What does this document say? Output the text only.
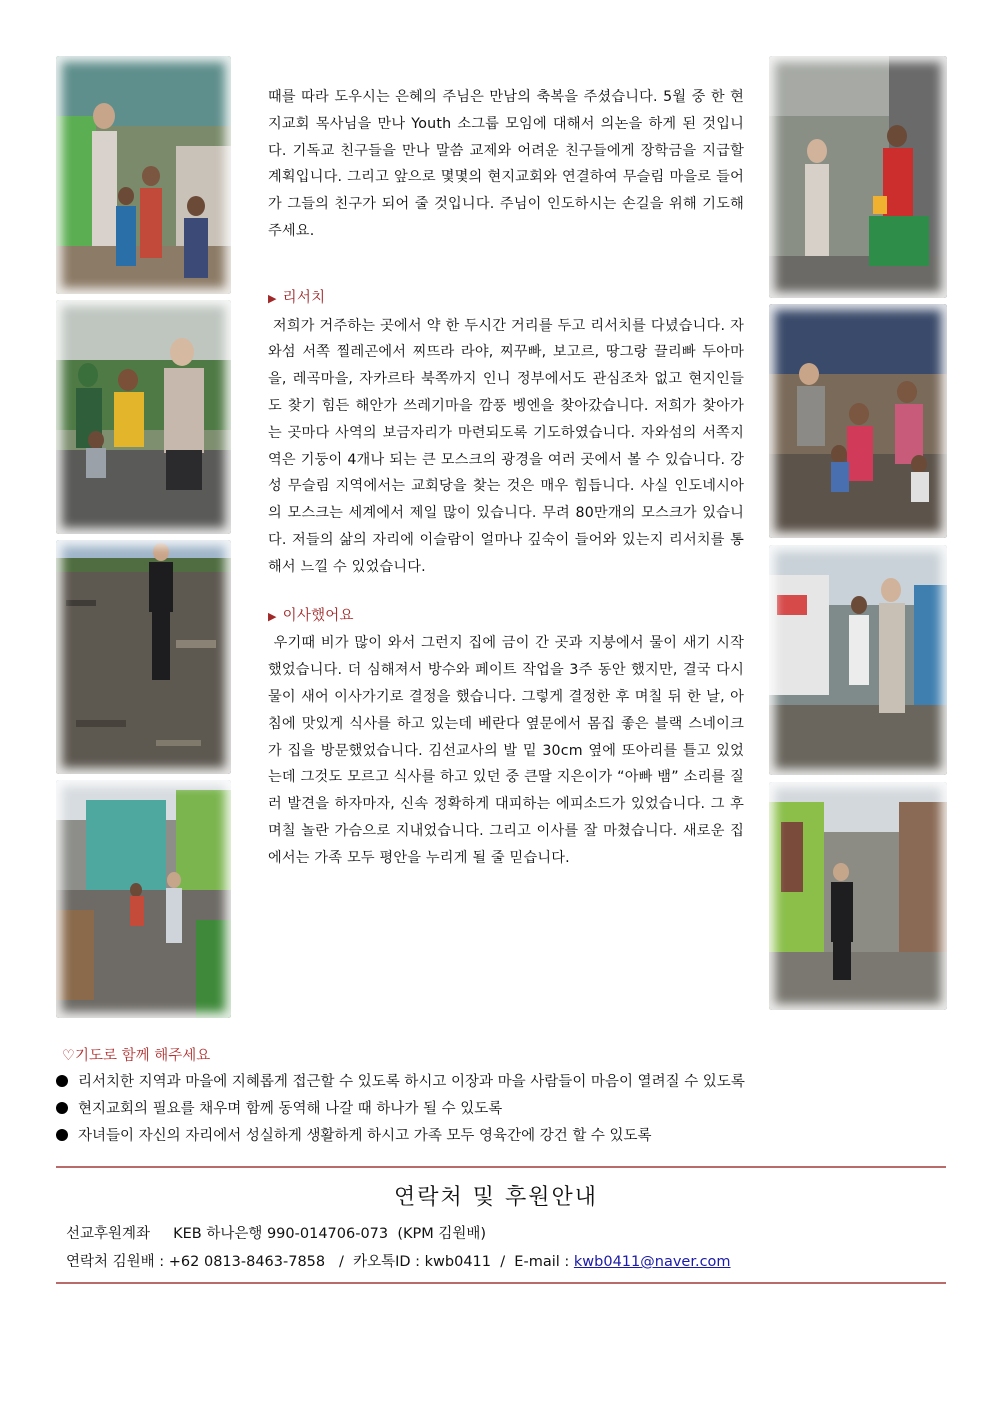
때를 따라 도우시는 은혜의 주님은 만남의 축복을 주셨습니다. 5월 중 한 현지교회 목사님을 만나 Youth 소그룹 모임에 대해서 의논을 하게 된 것입니다. 기독교 친구들을 만나 말씀 교제와 어려운 친구들에게 장학금을 지급할 계획입니다. 그리고 앞으로 몇몇의 현지교회와 연결하여 무슬림 마을로 들어가 그들의 친구가 되어 줄 것입니다. 주님이 인도하시는 손길을 위해 기도해주세요.

▶ 리서치

저희가 거주하는 곳에서 약 한 두시간 거리를 두고 리서치를 다녔습니다. 자와섬 서쪽 찔레곤에서 찌뜨라 라야, 찌꾸빠, 보고르, 땅그랑 끌리빠 두아마을, 레곡마을, 자카르타 북쪽까지 인니 정부에서도 관심조차 없고 현지인들도 찾기 힘든 해안가 쓰레기마을 깜풍 벵엔을 찾아갔습니다. 저희가 찾아가는 곳마다 사역의 보금자리가 마련되도록 기도하였습니다. 자와섬의 서쪽지역은 기둥이 4개나 되는 큰 모스크의 광경을 여러 곳에서 볼 수 있습니다. 강성 무슬림 지역에서는 교회당을 찾는 것은 매우 힘듭니다. 사실 인도네시아의 모스크는 세계에서 제일 많이 있습니다. 무려 80만개의 모스크가 있습니다. 저들의 삶의 자리에 이슬람이 얼마나 깊숙이 들어와 있는지 리서치를 통해서 느낄 수 있었습니다.

▶ 이사했어요

우기때 비가 많이 와서 그런지 집에 금이 간 곳과 지붕에서 물이 새기 시작했었습니다. 더 심해져서 방수와 페이트 작업을 3주 동안 했지만, 결국 다시 물이 새어 이사가기로 결정을 했습니다. 그렇게 결정한 후 며칠 뒤 한 날, 아침에 맛있게 식사를 하고 있는데 베란다 옆문에서 몸집 좋은 블랙 스네이크가 집을 방문했었습니다. 김선교사의 발 밑 30cm 옆에 또아리를 틀고 있었는데 그것도 모르고 식사를 하고 있던 중 큰딸 지은이가 “아빠 뱀” 소리를 질러 발견을 하자마자, 신속 정확하게 대피하는 에피소드가 있었습니다. 그 후 며칠 놀란 가슴으로 지내었습니다. 그리고 이사를 잘 마쳤습니다. 새로운 집에서는 가족 모두 평안을 누리게 될 줄 믿습니다.

♡기도로 함께 해주세요

리서치한 지역과 마을에 지혜롭게 접근할 수 있도록 하시고 이장과 마을 사람들이 마음이 열려질 수 있도록
현지교회의 필요를 채우며 함께 동역해 나갈 때 하나가 될 수 있도록
자녀들이 자신의 자리에서 성실하게 생활하게 하시고 가족 모두 영육간에 강건 할 수 있도록
연락처 및 후원안내
선교후원계좌 KEB 하나은행 990-014706-073  (KPM 김원배)
연락처 김원배 : +62 0813-8463-7858   /  카오톡ID : kwb0411  /  E-mail : kwb0411@naver.com
